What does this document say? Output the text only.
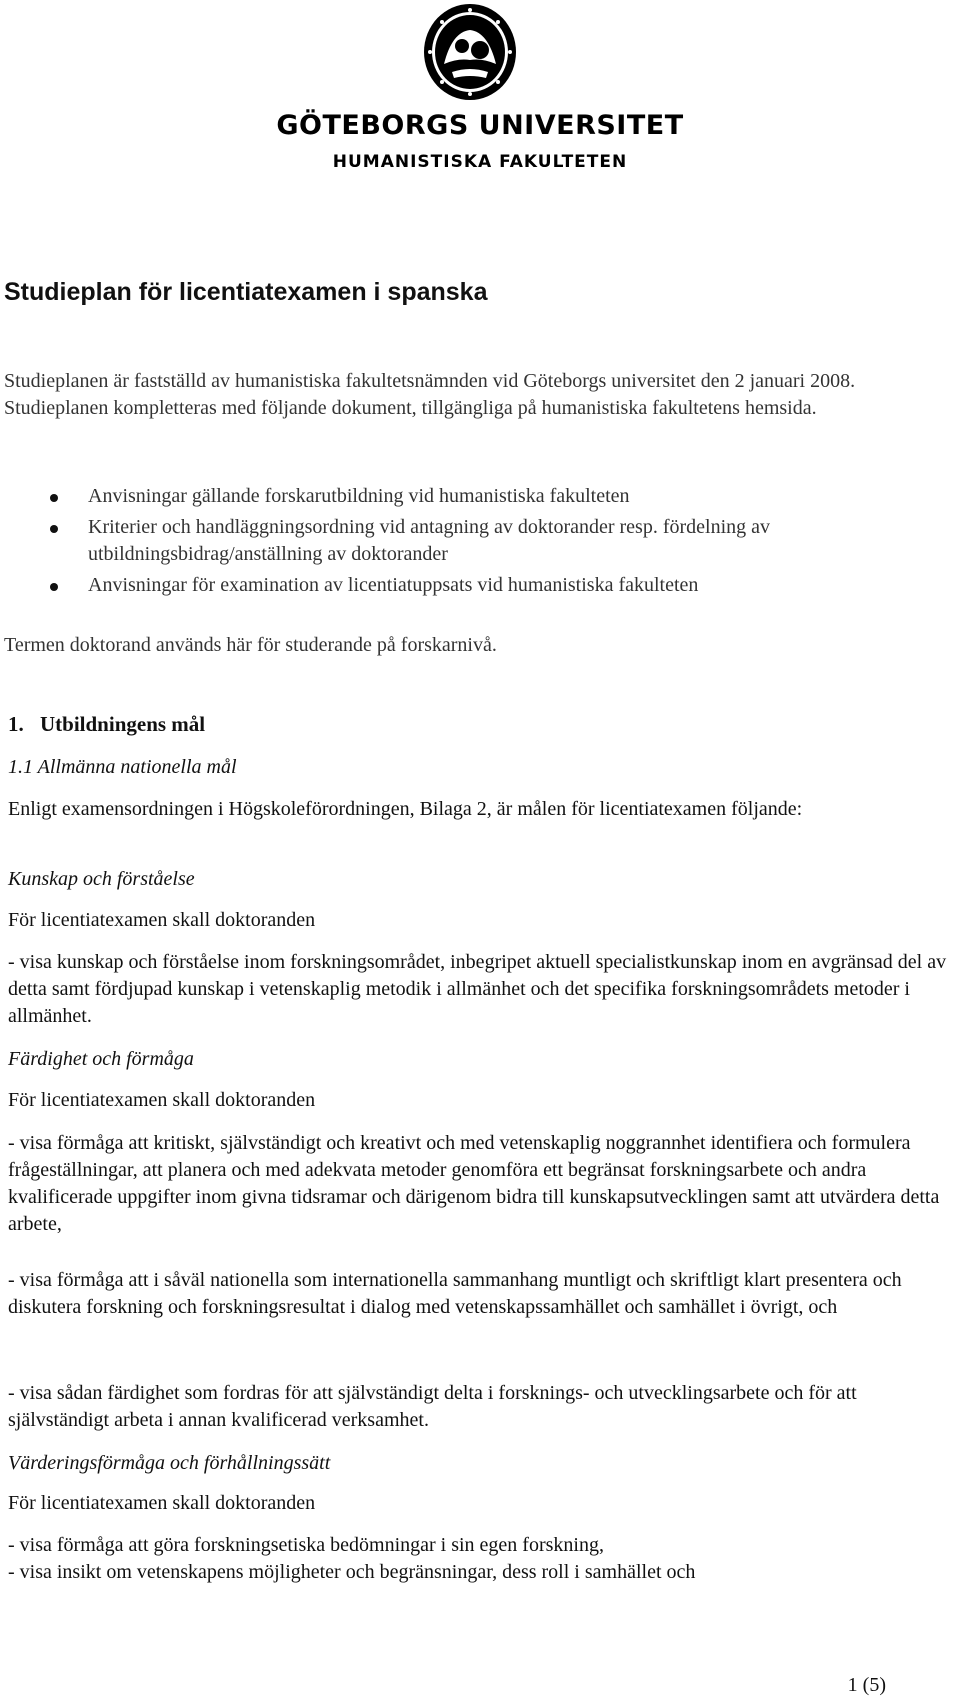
GÖTEBORGS UNIVERSITET
HUMANISTISKA FAKULTETEN
Studieplan för licentiatexamen i spanska

Studieplanen är fastställd av humanistiska fakultetsnämnden vid Göteborgs universitet den 2 januari 2008. Studieplanen kompletteras med följande dokument, tillgängliga på humanistiska fakultetens hemsida.

Anvisningar gällande forskarutbildning vid humanistiska fakulteten
Kriterier och handläggningsordning vid antagning av doktorander resp. fördelning av utbildningsbidrag/anställning av doktorander
Anvisningar för examination av licentiatuppsats vid humanistiska fakulteten

Termen doktorand används här för studerande på forskarnivå.

1. Utbildningens mål

1.1 Allmänna nationella mål

Enligt examensordningen i Högskoleförordningen, Bilaga 2, är målen för licentiatexamen följande:

Kunskap och förståelse

För licentiatexamen skall doktoranden

- visa kunskap och förståelse inom forskningsområdet, inbegripet aktuell specialistkunskap inom en avgränsad del av detta samt fördjupad kunskap i vetenskaplig metodik i allmänhet och det specifika forskningsområdets metoder i allmänhet.

Färdighet och förmåga

För licentiatexamen skall doktoranden

- visa förmåga att kritiskt, självständigt och kreativt och med vetenskaplig noggrannhet identifiera och formulera frågeställningar, att planera och med adekvata metoder genomföra ett begränsat forskningsarbete och andra kvalificerade uppgifter inom givna tidsramar och därigenom bidra till kunskapsutvecklingen samt att utvärdera detta arbete,

- visa förmåga att i såväl nationella som internationella sammanhang muntligt och skriftligt klart presentera och diskutera forskning och forskningsresultat i dialog med vetenskapssamhället och samhället i övrigt, och

- visa sådan färdighet som fordras för att självständigt delta i forsknings- och utvecklingsarbete och för att självständigt arbeta i annan kvalificerad verksamhet.

Värderingsförmåga och förhållningssätt

För licentiatexamen skall doktoranden

- visa förmåga att göra forskningsetiska bedömningar i sin egen forskning,

- visa insikt om vetenskapens möjligheter och begränsningar, dess roll i samhället och

1 (5)
